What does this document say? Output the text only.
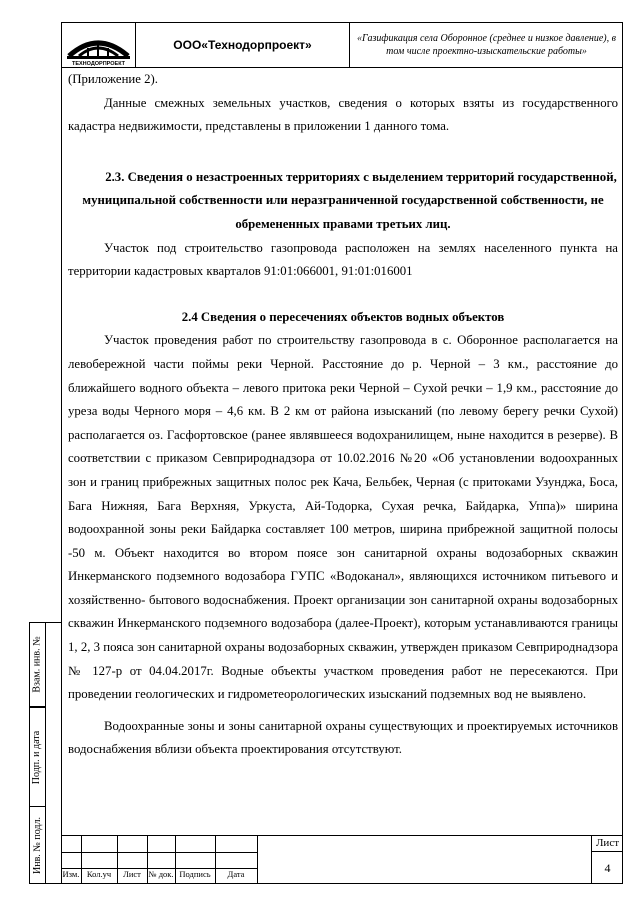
ТЕХНОДОРПРОЕКТ
ООО«Технодорпроект»	«Газификация села Оборонное (среднее и низкое давление), в том числе проектно-изыскательские работы»

(Приложение 2).

Данные смежных земельных участков, сведения о которых взяты из государственного кадастра недвижимости, представлены в приложении 1 данного тома.

2.3. Сведения о незастроенных территориях с выделением территорий государственной, муниципальной собственности или неразграниченной государственной собственности, не обремененных правами третьих лиц.

Участок под строительство газопровода расположен на землях населенного пункта на территории кадастровых кварталов 91:01:066001, 91:01:016001

2.4 Сведения о пересечениях объектов водных объектов

Участок проведения работ по строительству газопровода в с. Оборонное располагается на левобережной части поймы реки Черной. Расстояние до р. Черной – 3 км., расстояние до ближайшего водного объекта – левого притока реки Черной – Сухой речки – 1,9 км., расстояние до уреза воды Черного моря – 4,6 км. В 2 км от района изысканий (по левому берегу речки Сухой) располагается оз. Гасфортовское (ранее являвшееся водохранилищем, ныне находится в резерве). В соответствии с приказом Севприроднадзора от 10.02.2016 №20 «Об установлении водоохранных зон и границ прибрежных защитных полос рек Кача, Бельбек, Черная (с притоками Узунджа, Боса, Бага Нижняя, Бага Верхняя, Уркуста, Ай-Тодорка, Сухая речка, Байдарка, Уппа)» ширина водоохранной зоны реки Байдарка составляет 100 метров, ширина прибрежной защитной полосы -50 м. Объект находится во втором поясе зон санитарной охраны водозаборных скважин Инкерманского подземного водозабора ГУПС «Водоканал», являющихся источником питьевого и хозяйственно- бытового водоснабжения. Проект организации зон санитарной охраны водозаборных скважин Инкерманского подземного водозабора (далее-Проект), которым устанавливаются границы 1, 2, 3 пояса зон санитарной охраны водозаборных скважин, утвержден приказом Севприроднадзора № 127-р от 04.04.2017г. Водные объекты участком проведения работ не пересекаются. При проведении геологических и гидрометеорологических изысканий подземных вод не выявлено.

Водоохранные зоны и зоны санитарной охраны существующих и проектируемых источников водоснабжения вблизи объекта проектирования отсутствуют.

Взам. инв. №
Подп. и дата
Инв. № подл.
Изм. Кол.уч	Лист № док. Подпись	Дата
Лист
4
